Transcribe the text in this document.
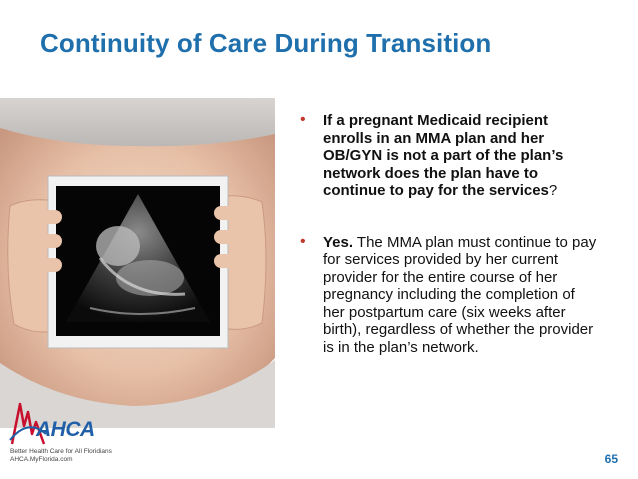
Continuity of Care During Transition
• If a pregnant Medicaid recipient enrolls in an MMA plan and her OB/GYN is not a part of the plan’s network does the plan have to continue to pay for the services?
• Yes. The MMA plan must continue to pay for services provided by her current provider for the entire course of her pregnancy including the completion of her postpartum care (six weeks after birth), regardless of whether the provider is in the plan’s network.
AHCA
Better Health Care for All Floridians
AHCA.MyFlorida.com	65
